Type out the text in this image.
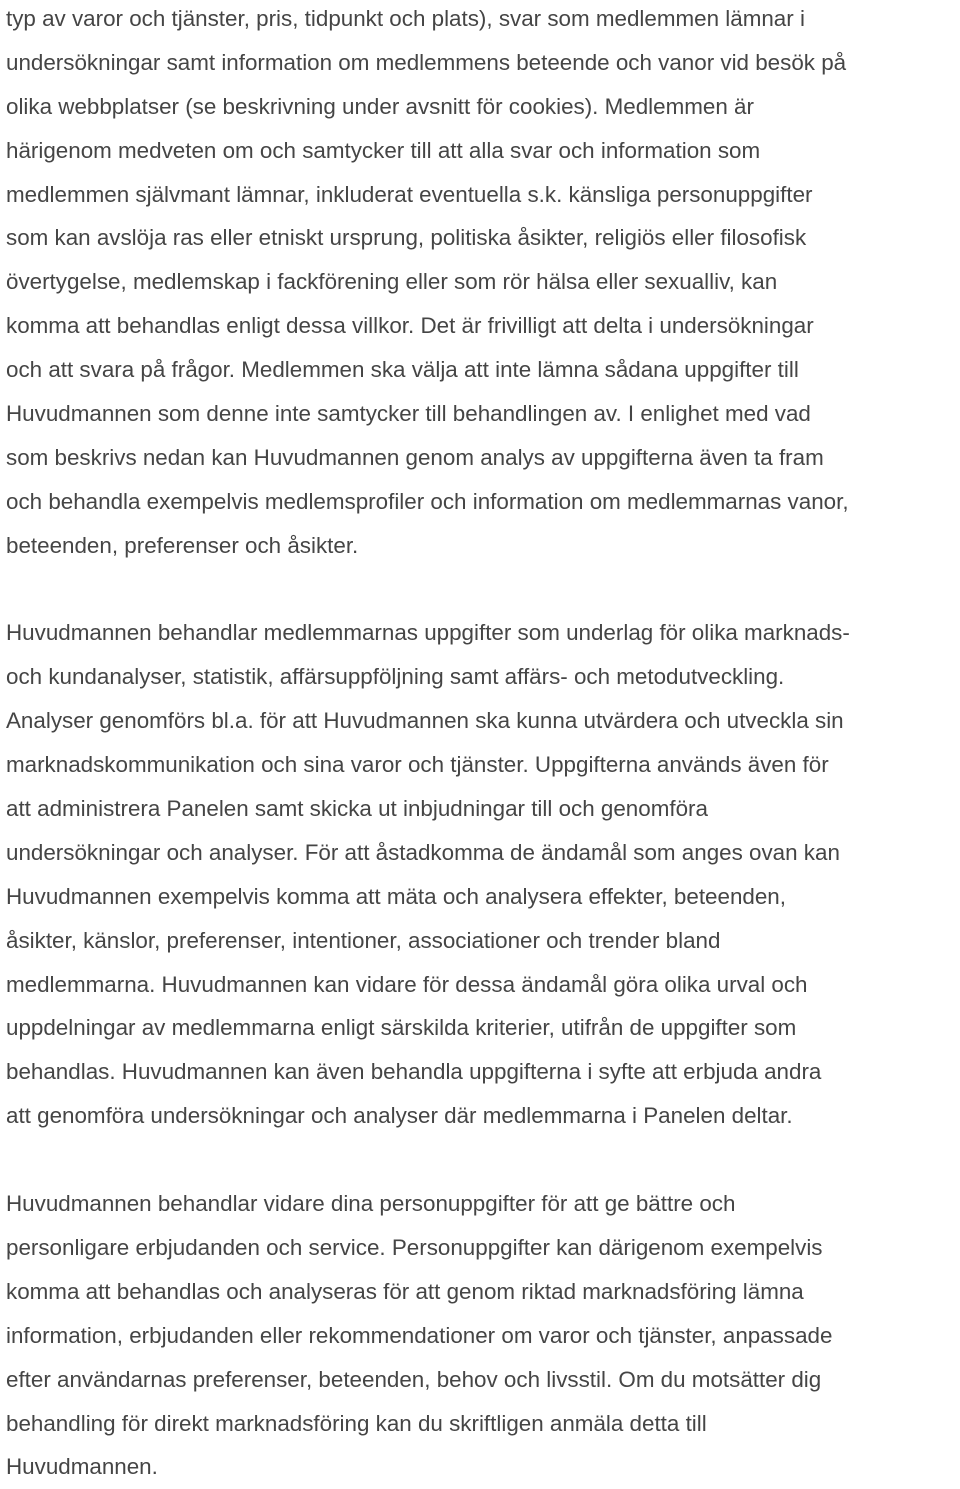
typ av varor och tjänster, pris, tidpunkt och plats), svar som medlemmen lämnar i
undersökningar samt information om medlemmens beteende och vanor vid besök på
olika webbplatser (se beskrivning under avsnitt för cookies). Medlemmen är
härigenom medveten om och samtycker till att alla svar och information som
medlemmen självmant lämnar, inkluderat eventuella s.k. känsliga personuppgifter
som kan avslöja ras eller etniskt ursprung, politiska åsikter, religiös eller filosofisk
övertygelse, medlemskap i fackförening eller som rör hälsa eller sexualliv, kan
komma att behandlas enligt dessa villkor. Det är frivilligt att delta i undersökningar
och att svara på frågor. Medlemmen ska välja att inte lämna sådana uppgifter till
Huvudmannen som denne inte samtycker till behandlingen av. I enlighet med vad
som beskrivs nedan kan Huvudmannen genom analys av uppgifterna även ta fram
och behandla exempelvis medlemsprofiler och information om medlemmarnas vanor,
beteenden, preferenser och åsikter.
Huvudmannen behandlar medlemmarnas uppgifter som underlag för olika marknads-
och kundanalyser, statistik, affärsuppföljning samt affärs- och metodutveckling.
Analyser genomförs bl.a. för att Huvudmannen ska kunna utvärdera och utveckla sin
marknadskommunikation och sina varor och tjänster. Uppgifterna används även för
att administrera Panelen samt skicka ut inbjudningar till och genomföra
undersökningar och analyser. För att åstadkomma de ändamål som anges ovan kan
Huvudmannen exempelvis komma att mäta och analysera effekter, beteenden,
åsikter, känslor, preferenser, intentioner, associationer och trender bland
medlemmarna. Huvudmannen kan vidare för dessa ändamål göra olika urval och
uppdelningar av medlemmarna enligt särskilda kriterier, utifrån de uppgifter som
behandlas. Huvudmannen kan även behandla uppgifterna i syfte att erbjuda andra
att genomföra undersökningar och analyser där medlemmarna i Panelen deltar.
Huvudmannen behandlar vidare dina personuppgifter för att ge bättre och
personligare erbjudanden och service. Personuppgifter kan därigenom exempelvis
komma att behandlas och analyseras för att genom riktad marknadsföring lämna
information, erbjudanden eller rekommendationer om varor och tjänster, anpassade
efter användarnas preferenser, beteenden, behov och livsstil. Om du motsätter dig
behandling för direkt marknadsföring kan du skriftligen anmäla detta till
Huvudmannen.
